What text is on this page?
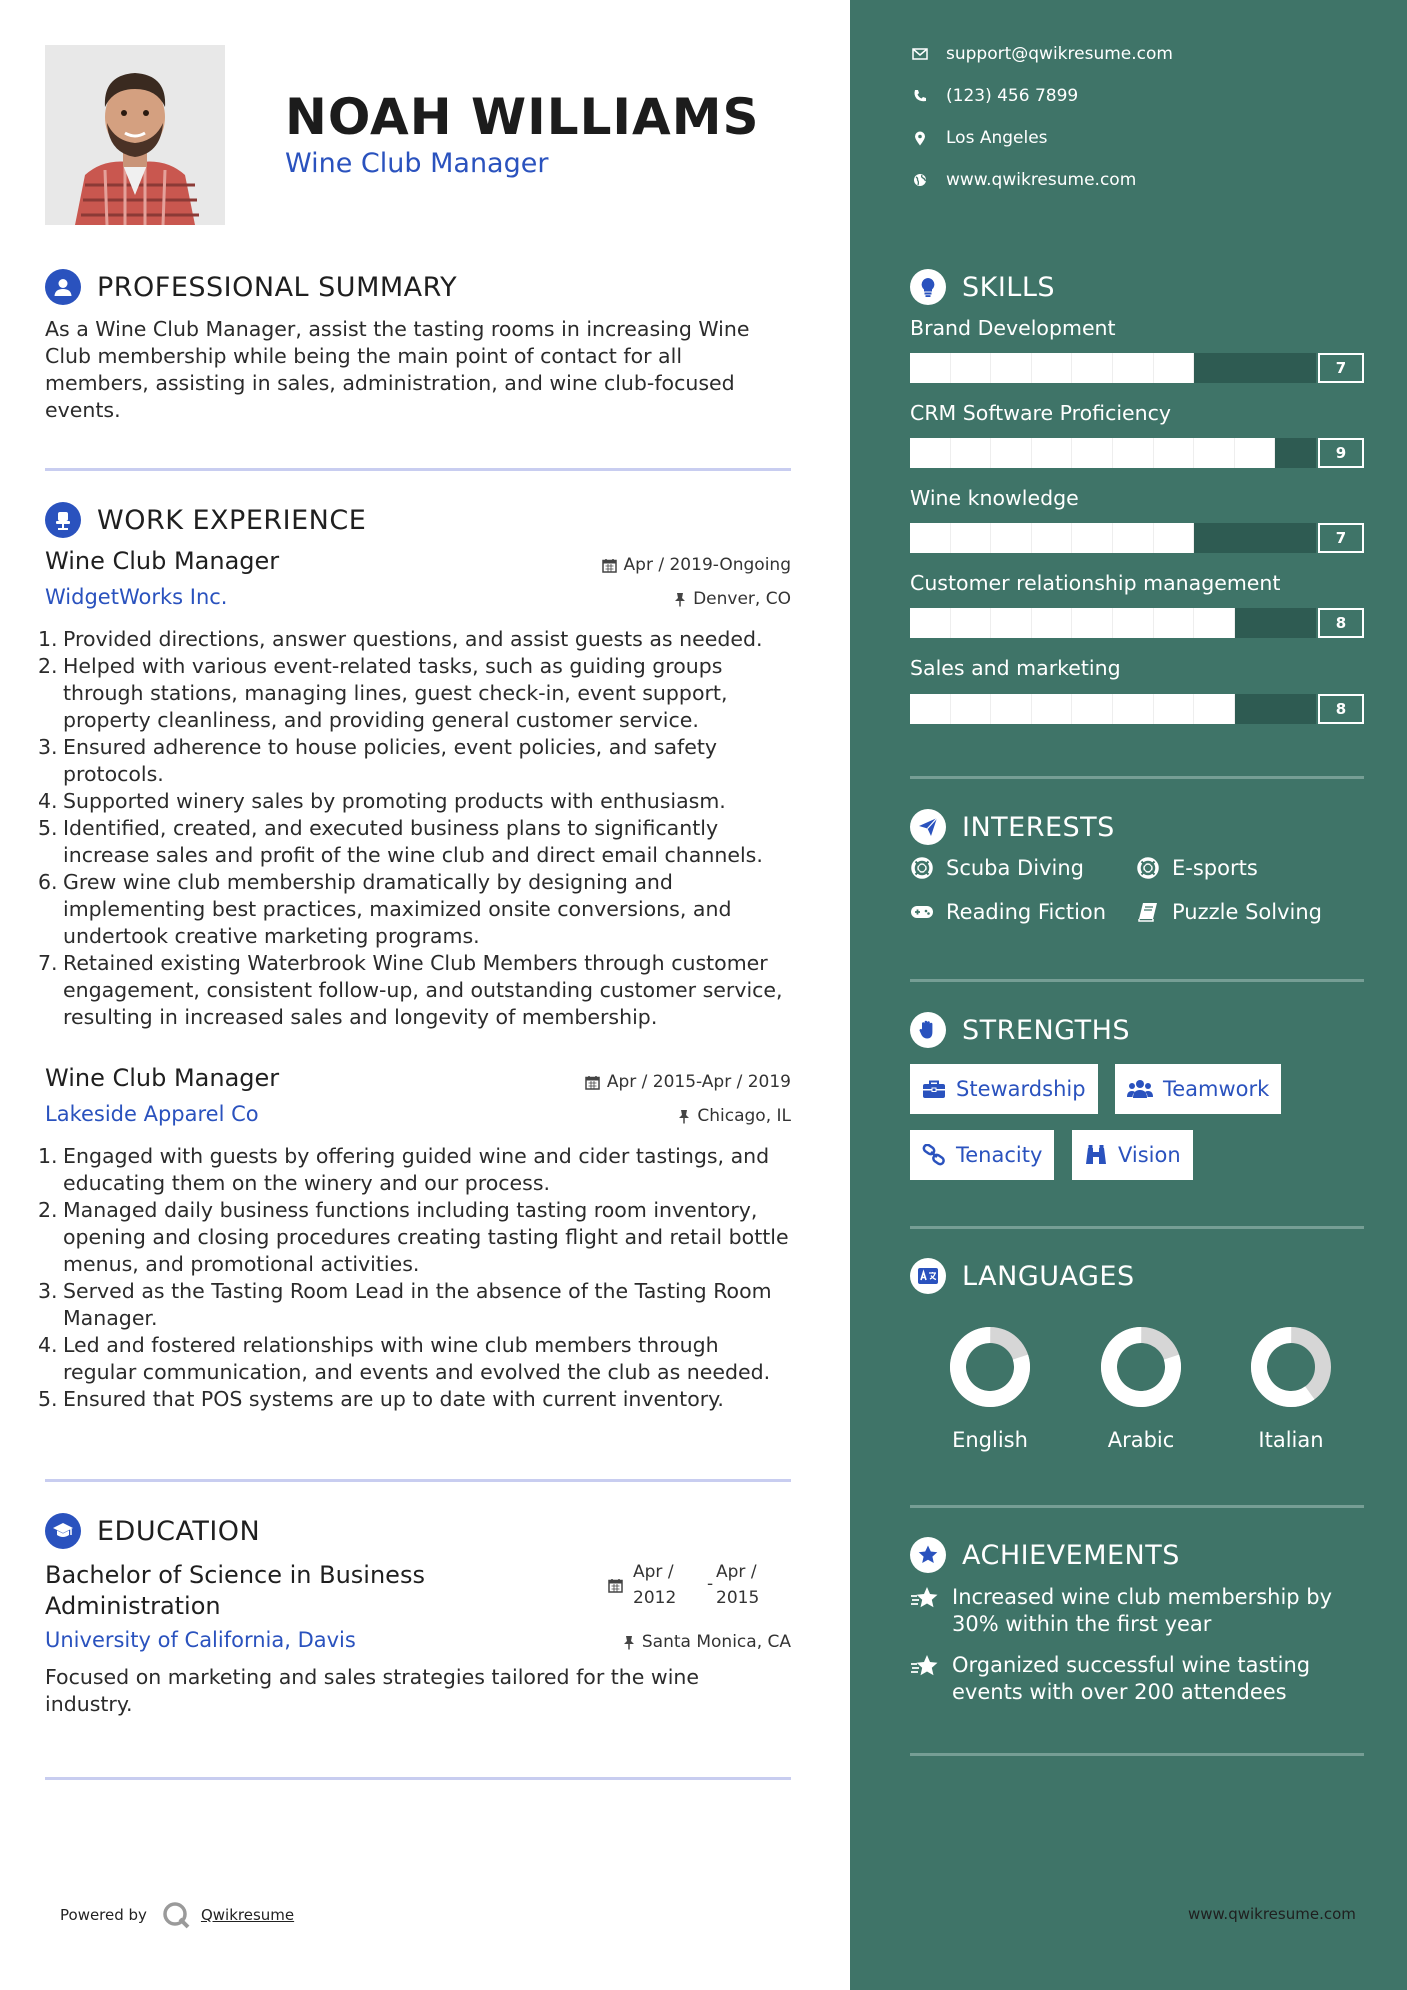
NOAH WILLIAMS
Wine Club Manager
PROFESSIONAL SUMMARY
As a Wine Club Manager, assist the tasting rooms in increasing Wine Club membership while being the main point of contact for all members, assisting in sales, administration, and wine club-focused events.
WORK EXPERIENCE
Wine Club Manager	Apr / 2019-Ongoing
WidgetWorks Inc.	Denver, CO
1. Provided directions, answer questions, and assist guests as needed.
2. Helped with various event-related tasks, such as guiding groups through stations, managing lines, guest check-in, event support, property cleanliness, and providing general customer service.
3. Ensured adherence to house policies, event policies, and safety protocols.
4. Supported winery sales by promoting products with enthusiasm.
5. Identified, created, and executed business plans to significantly increase sales and profit of the wine club and direct email channels.
6. Grew wine club membership dramatically by designing and implementing best practices, maximized onsite conversions, and undertook creative marketing programs.
7. Retained existing Waterbrook Wine Club Members through customer engagement, consistent follow-up, and outstanding customer service, resulting in increased sales and longevity of membership.
Wine Club Manager	Apr / 2015-Apr / 2019
Lakeside Apparel Co	Chicago, IL
1. Engaged with guests by offering guided wine and cider tastings, and educating them on the winery and our process.
2. Managed daily business functions including tasting room inventory, opening and closing procedures creating tasting flight and retail bottle menus, and promotional activities.
3. Served as the Tasting Room Lead in the absence of the Tasting Room Manager.
4. Led and fostered relationships with wine club members through regular communication, and events and evolved the club as needed.
5. Ensured that POS systems are up to date with current inventory.
EDUCATION
Bachelor of Science in Business
Administration
Apr /
2012
-
Apr /
2015
University of California, Davis	Santa Monica, CA
Focused on marketing and sales strategies tailored for the wine industry.
Powered by	Qwikresume
support@qwikresume.com
(123) 456 7899
Los Angeles
www.qwikresume.com
SKILLS
Brand Development
7
CRM Software Proficiency
9
Wine knowledge
7
Customer relationship management
8
Sales and marketing
8
INTERESTS
Scuba Diving	E-sports
Reading Fiction	Puzzle Solving
STRENGTHS
Stewardship	Teamwork
Tenacity	Vision
LANGUAGES
English	Arabic	Italian
ACHIEVEMENTS
Increased wine club membership by 30% within the first year
Organized successful wine tasting events with over 200 attendees
www.qwikresume.com
